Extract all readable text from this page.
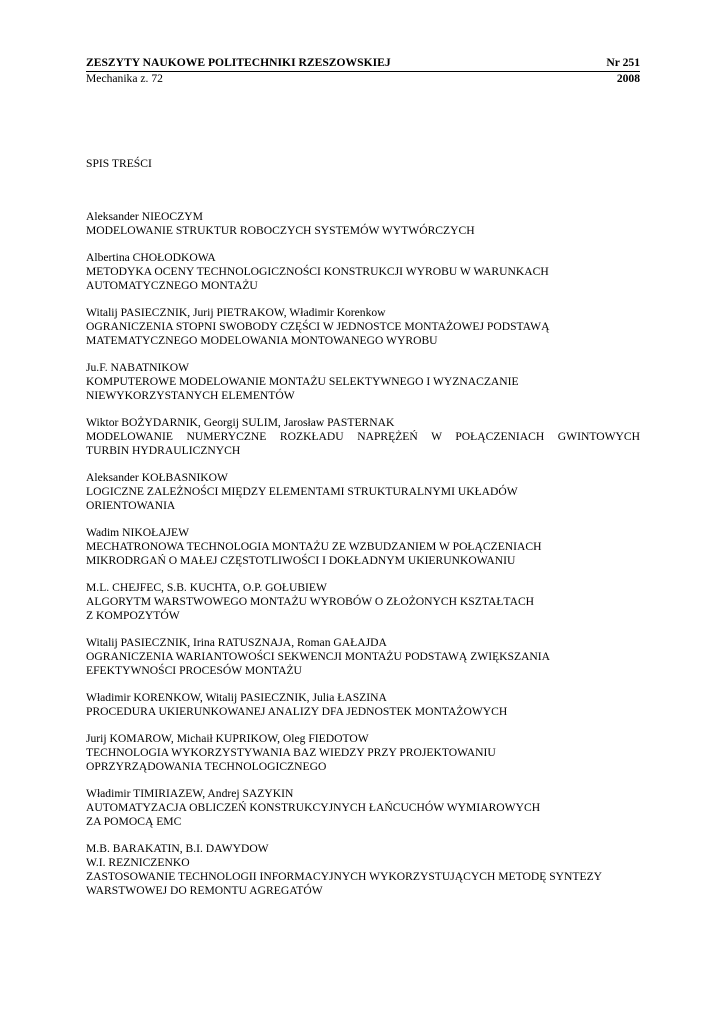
ZESZYTY NAUKOWE POLITECHNIKI RZESZOWSKIEJ	Nr 251
Mechanika z. 72	2008
SPIS TREŚCI
Aleksander NIEOCZYM
MODELOWANIE STRUKTUR ROBOCZYCH SYSTEMÓW WYTWÓRCZYCH
Albertina CHOŁODKOWA
METODYKA OCENY TECHNOLOGICZNOŚCI KONSTRUKCJI WYROBU W WARUNKACH
AUTOMATYCZNEGO MONTAŻU
Witalij PASIECZNIK, Jurij PIETRAKOW, Władimir Korenkow
OGRANICZENIA STOPNI SWOBODY CZĘŚCI W JEDNOSTCE MONTAŻOWEJ PODSTAWĄ
MATEMATYCZNEGO MODELOWANIA MONTOWANEGO WYROBU
Ju.F. NABATNIKOW
KOMPUTEROWE MODELOWANIE MONTAŻU SELEKTYWNEGO I WYZNACZANIE
NIEWYKORZYSTANYCH ELEMENTÓW
Wiktor BOŻYDARNIK, Georgij SULIM, Jarosław PASTERNAK
MODELOWANIE NUMERYCZNE ROZKŁADU NAPRĘŻEŃ W POŁĄCZENIACH GWINTOWYCH
TURBIN HYDRAULICZNYCH
Aleksander KOŁBASNIKOW
LOGICZNE ZALEŻNOŚCI MIĘDZY ELEMENTAMI STRUKTURALNYMI UKŁADÓW
ORIENTOWANIA
Wadim NIKOŁAJEW
MECHATRONOWA TECHNOLOGIA MONTAŻU ZE WZBUDZANIEM W POŁĄCZENIACH
MIKRODRGAŃ O MAŁEJ CZĘSTOTLIWOŚCI I DOKŁADNYM UKIERUNKOWANIU
M.L. CHEJFEC, S.B. KUCHTA, O.P. GOŁUBIEW
ALGORYTM WARSTWOWEGO MONTAŻU WYROBÓW O ZŁOŻONYCH KSZTAŁTACH
Z KOMPOZYTÓW
Witalij PASIECZNIK, Irina RATUSZNAJA, Roman GAŁAJDA
OGRANICZENIA WARIANTOWOŚCI SEKWENCJI MONTAŻU PODSTAWĄ ZWIĘKSZANIA
EFEKTYWNOŚCI PROCESÓW MONTAŻU
Władimir KORENKOW, Witalij PASIECZNIK, Julia ŁASZINA
PROCEDURA UKIERUNKOWANEJ ANALIZY DFA JEDNOSTEK MONTAŻOWYCH
Jurij KOMAROW, Michaił KUPRIKOW, Oleg FIEDOTOW
TECHNOLOGIA WYKORZYSTYWANIA BAZ WIEDZY PRZY PROJEKTOWANIU
OPRZYRZĄDOWANIA TECHNOLOGICZNEGO
Władimir TIMIRIAZEW, Andrej SAZYKIN
AUTOMATYZACJA OBLICZEŃ KONSTRUKCYJNYCH ŁAŃCUCHÓW WYMIAROWYCH
ZA POMOCĄ EMC
M.B. BARAKATIN, B.I. DAWYDOW
W.I. REZNICZENKO
ZASTOSOWANIE TECHNOLOGII INFORMACYJNYCH WYKORZYSTUJĄCYCH METODĘ SYNTEZY
WARSTWOWEJ DO REMONTU AGREGATÓW
